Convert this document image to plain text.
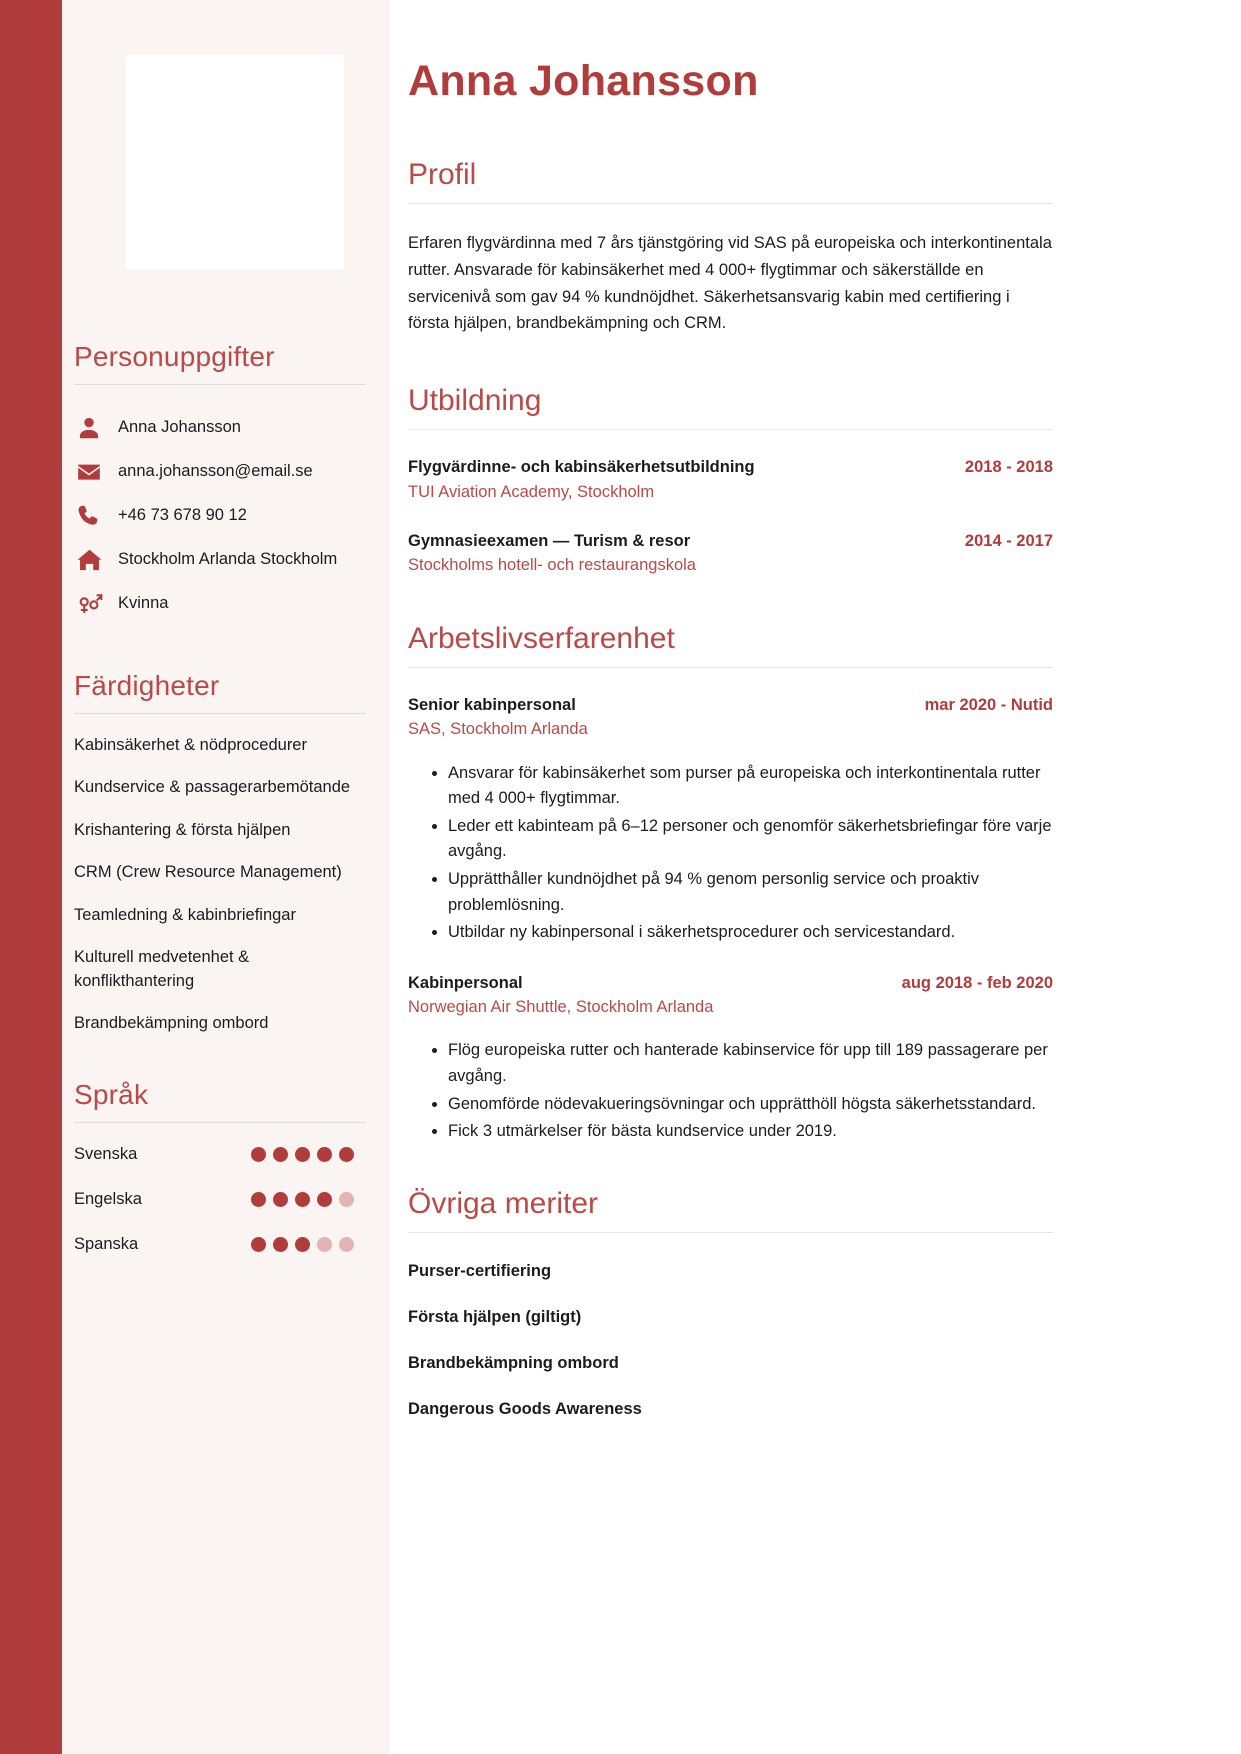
Personuppgifter
Anna Johansson
anna.johansson@email.se
+46 73 678 90 12
Stockholm Arlanda Stockholm
Kvinna
Färdigheter
Kabinsäkerhet & nödprocedurer
Kundservice & passagerarbemötande
Krishantering & första hjälpen
CRM (Crew Resource Management)
Teamledning & kabinbriefingar
Kulturell medvetenhet & konflikthantering
Brandbekämpning ombord
Språk
Svenska
Engelska
Spanska
Anna Johansson
Profil

Erfaren flygvärdinna med 7 års tjänstgöring vid SAS på europeiska och interkontinentala rutter. Ansvarade för kabinsäkerhet med 4 000+ flygtimmar och säkerställde en servicenivå som gav 94 % kundnöjdhet. Säkerhetsansvarig kabin med certifiering i första hjälpen, brandbekämpning och CRM.

Utbildning
Flygvärdinne- och kabinsäkerhetsutbildning	2018 - 2018
TUI Aviation Academy, Stockholm
Gymnasieexamen — Turism & resor	2014 - 2017
Stockholms hotell- och restaurangskola
Arbetslivserfarenhet
Senior kabinpersonal	mar 2020 - Nutid
SAS, Stockholm Arlanda
• Ansvarar för kabinsäkerhet som purser på europeiska och interkontinentala rutter med 4 000+ flygtimmar.
• Leder ett kabinteam på 6–12 personer och genomför säkerhetsbriefingar före varje avgång.
• Upprätthåller kundnöjdhet på 94 % genom personlig service och proaktiv problemlösning.
• Utbildar ny kabinpersonal i säkerhetsprocedurer och servicestandard.
Kabinpersonal	aug 2018 - feb 2020
Norwegian Air Shuttle, Stockholm Arlanda
• Flög europeiska rutter och hanterade kabinservice för upp till 189 passagerare per avgång.
• Genomförde nödevakueringsövningar och upprätthöll högsta säkerhetsstandard.
• Fick 3 utmärkelser för bästa kundservice under 2019.
Övriga meriter
Purser-certifiering
Första hjälpen (giltigt)
Brandbekämpning ombord
Dangerous Goods Awareness
